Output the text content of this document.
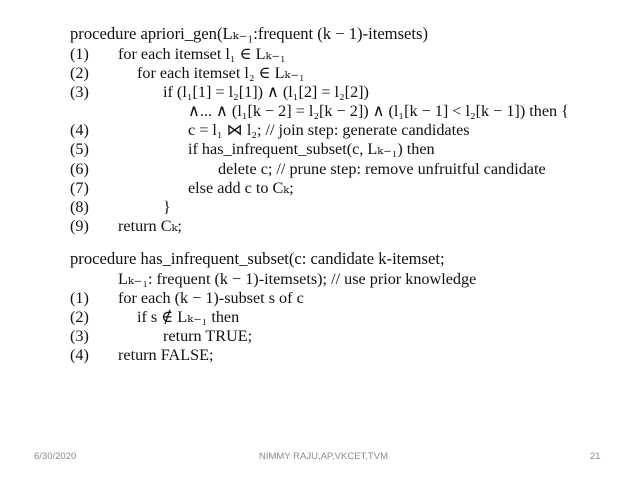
procedure apriori_gen(Lₖ₋₁:frequent (k − 1)-itemsets)
(1)	for each itemset l₁ ∈ Lₖ₋₁
(2)	for each itemset l₂ ∈ Lₖ₋₁
(3)	if (l₁[1] = l₂[1]) ∧ (l₁[2] = l₂[2])
∧... ∧ (l₁[k − 2] = l₂[k − 2]) ∧ (l₁[k − 1] < l₂[k − 1]) then {
(4)	c = l₁ ⋈ l₂; // join step: generate candidates
(5)	if has_infrequent_subset(c, Lₖ₋₁) then
(6)	delete c; // prune step: remove unfruitful candidate
(7)	else add c to Cₖ;
(8)	}
(9)	return Cₖ;
procedure has_infrequent_subset(c: candidate k-itemset;
Lₖ₋₁: frequent (k − 1)-itemsets); // use prior knowledge
(1)	for each (k − 1)-subset s of c
(2)	if s ∉ Lₖ₋₁ then
(3)	return TRUE;
(4)	return FALSE;
6/30/2020	NIMMY RAJU,AP,VKCET,TVM	21
